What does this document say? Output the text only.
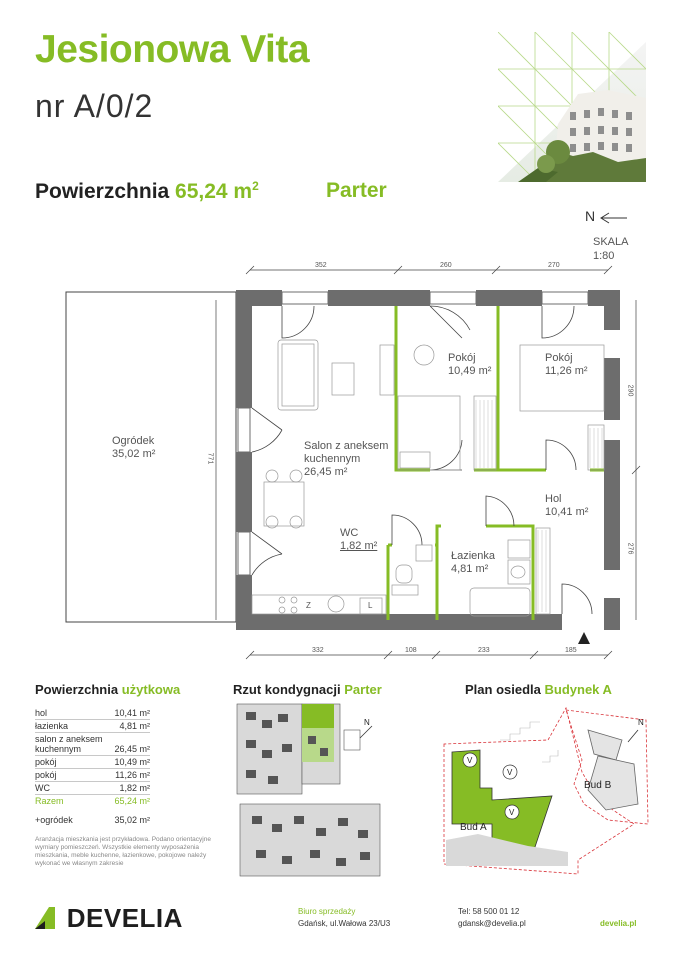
Jesionowa Vita
nr A/0/2
Powierzchnia 65,24 $m^2$	Parter
N
SKALA
1:80
Z	L
352	260	270
332	108	233	185
771
290
276
Ogródek
35,02 m²
Salon z aneksem
kuchennym
26,45 m²
Pokój
10,49 m²
Pokój
11,26 m²
Hol
10,41 m²
WC
1,82 m²
Łazienka
4,81 m²
Powierzchnia użytkowa
hol	10,41 m²
łazienka	4,81 m²
salon z aneksem kuchennym	26,45 m²
pokój	10,49 m²
pokój	11,26 m²
WC	1,82 m²
Razem	65,24 m²
+ogródek	35,02 m²
Aranżacja mieszkania jest przykładowa. Podano orientacyjne wymiary pomieszczeń. Wszystkie elementy wyposażenia mieszkania, meble kuchenne, łazienkowe, pokojowe należy wykonać we własnym zakresie
Rzut kondygnacji Parter
N
Plan osiedla Budynek A
V
V
V
N
Bud A
Bud B
DEVELIA	Biuro sprzedaży
Gdańsk, ul.Wałowa 23/U3
Tel: 58 500 01 12
gdansk@develia.pl	develia.pl
